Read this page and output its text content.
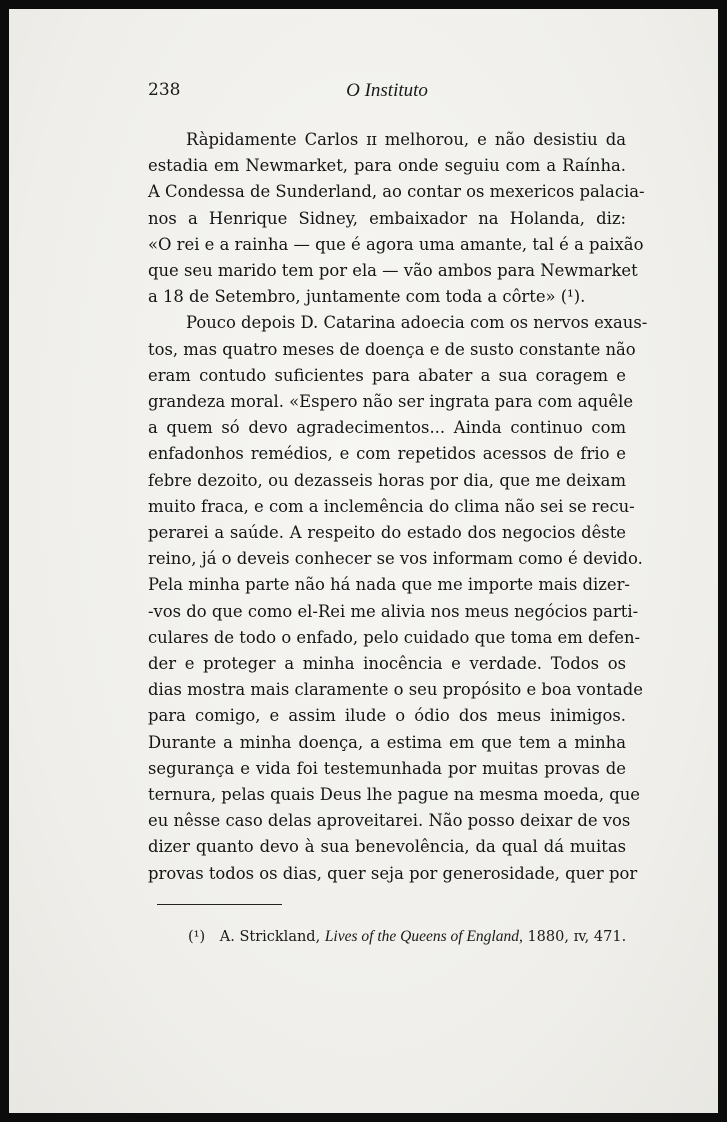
238	O Instituto
Ràpidamente Carlos ɪɪ melhorou, e não desistiu da
estadia em Newmarket, para onde seguiu com a Raínha.
A Condessa de Sunderland, ao contar os mexericos palacia-
nos a Henrique Sidney, embaixador na Holanda, diz:
«O rei e a rainha — que é agora uma amante, tal é a paixão
que seu marido tem por ela — vão ambos para Newmarket
a 18 de Setembro, juntamente com toda a côrte» (¹).
Pouco depois D. Catarina adoecia com os nervos exaus-
tos, mas quatro meses de doença e de susto constante não
eram contudo suficientes para abater a sua coragem e
grandeza moral. «Espero não ser ingrata para com aquêle
a quem só devo agradecimentos... Ainda continuo com
enfadonhos remédios, e com repetidos acessos de frio e
febre dezoito, ou dezasseis horas por dia, que me deixam
muito fraca, e com a inclemência do clima não sei se recu-
perarei a saúde. A respeito do estado dos negocios dêste
reino, já o deveis conhecer se vos informam como é devido.
Pela minha parte não há nada que me importe mais dizer-
-vos do que como el-Rei me alivia nos meus negócios parti-
culares de todo o enfado, pelo cuidado que toma em defen-
der e proteger a minha inocência e verdade. Todos os
dias mostra mais claramente o seu propósito e boa vontade
para comigo, e assim ilude o ódio dos meus inimigos.
Durante a minha doença, a estima em que tem a minha
segurança e vida foi testemunhada por muitas provas de
ternura, pelas quais Deus lhe pague na mesma moeda, que
eu nêsse caso delas aproveitarei. Não posso deixar de vos
dizer quanto devo à sua benevolência, da qual dá muitas
provas todos os dias, quer seja por generosidade, quer por
(¹) A. Strickland, Lives of the Queens of England, 1880, ɪv, 471.
